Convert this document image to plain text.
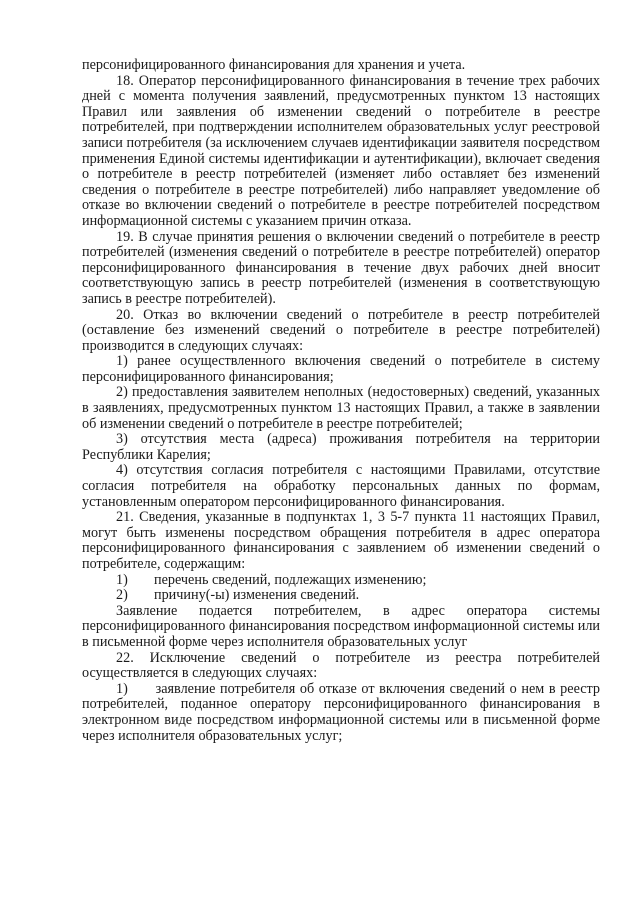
персонифицированного финансирования для хранения и учета.

18. Оператор персонифицированного финансирования в течение трех рабочих дней с момента получения заявлений, предусмотренных пунктом 13 настоящих Правил или заявления об изменении сведений о потребителе в реестре потребителей, при подтверждении исполнителем образовательных услуг реестровой записи потребителя (за исключением случаев идентификации заявителя посредством применения Единой системы идентификации и аутентификации), включает сведения о потребителе в реестр потребителей (изменяет либо оставляет без изменений сведения о потребителе в реестре потребителей) либо направляет уведомление об отказе во включении сведений о потребителе в реестре потребителей посредством информационной системы с указанием причин отказа.

19. В случае принятия решения о включении сведений о потребителе в реестр потребителей (изменения сведений о потребителе в реестре потребителей) оператор персонифицированного финансирования в течение двух рабочих дней вносит соответствующую запись в реестр потребителей (изменения в соответствующую запись в реестре потребителей).

20. Отказ во включении сведений о потребителе в реестр потребителей (оставление без изменений сведений о потребителе в реестре потребителей) производится в следующих случаях:

1) ранее осуществленного включения сведений о потребителе в систему персонифицированного финансирования;

2) предоставления заявителем неполных (недостоверных) сведений, указанных в заявлениях, предусмотренных пунктом 13 настоящих Правил, а также в заявлении об изменении сведений о потребителе в реестре потребителей;

3) отсутствия места (адреса) проживания потребителя на территории Республики Карелия;

4) отсутствия согласия потребителя с настоящими Правилами, отсутствие согласия потребителя на обработку персональных данных по формам, установленным оператором персонифицированного финансирования.

21. Сведения, указанные в подпунктах 1, 3 5-7 пункта 11 настоящих Правил, могут быть изменены посредством обращения потребителя в адрес оператора персонифицированного финансирования с заявлением об изменении сведений о потребителе, содержащим:

1)	перечень сведений, подлежащих изменению;
2)	причину(-ы) изменения сведений.

Заявление подается потребителем, в адрес оператора системы персонифицированного финансирования посредством информационной системы или в письменной форме через исполнителя образовательных услуг

22. Исключение сведений о потребителе из реестра потребителей осуществляется в следующих случаях:

1) заявление потребителя об отказе от включения сведений о нем в реестр потребителей, поданное оператору персонифицированного финансирования в электронном виде посредством информационной системы или в письменной форме через исполнителя образовательных услуг;
